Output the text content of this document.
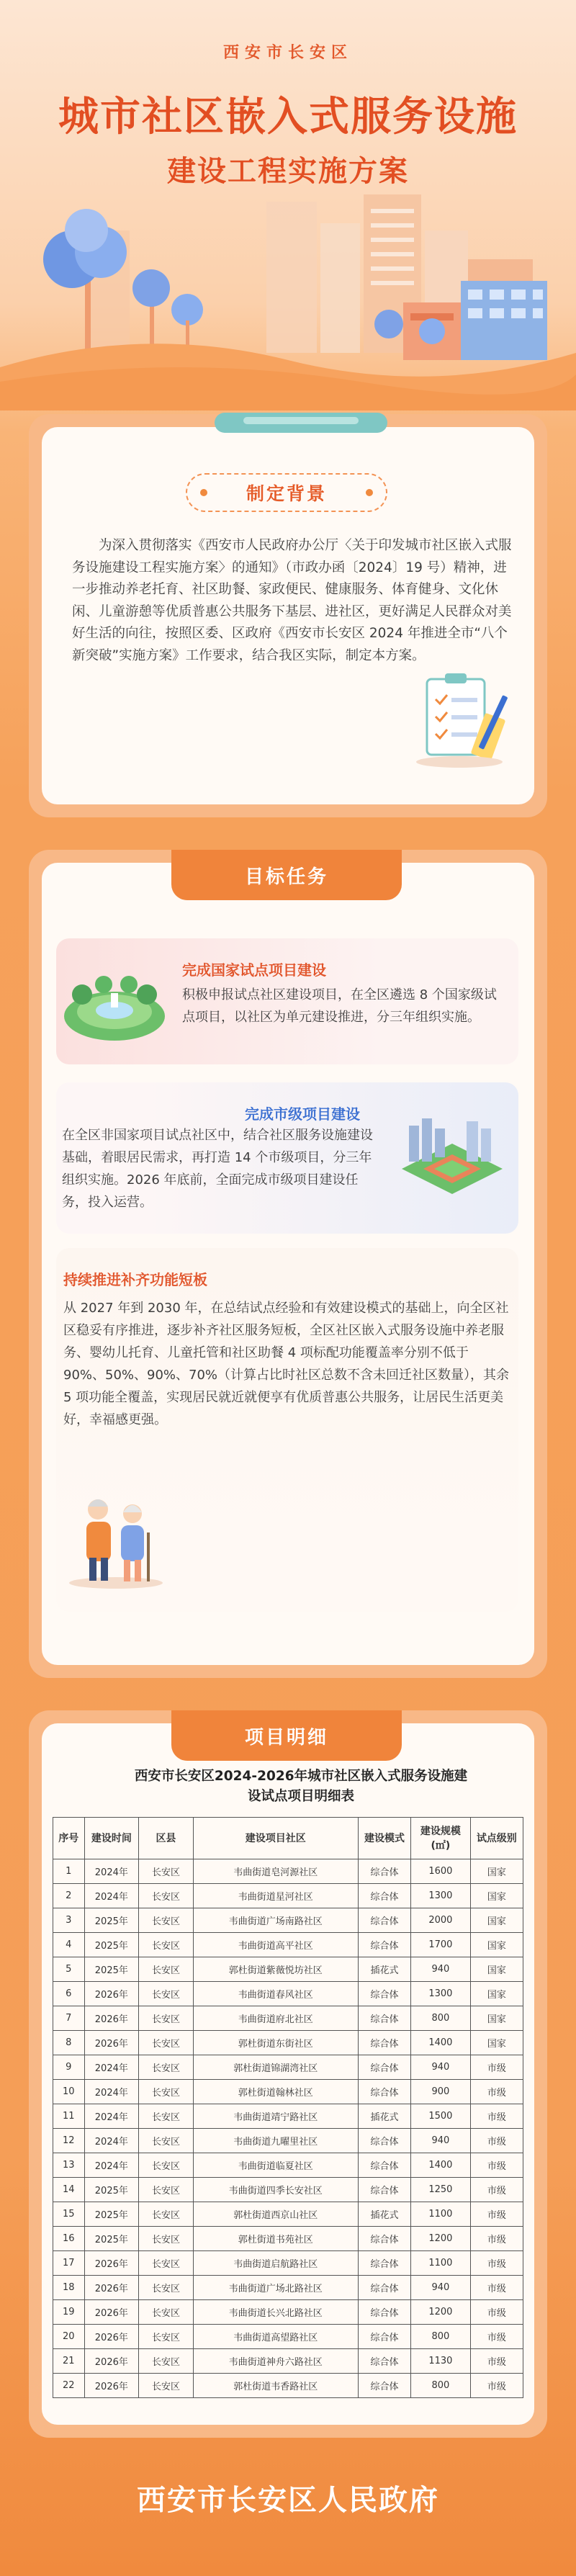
西安市长安区
城市社区嵌入式服务设施
建设工程实施方案
制定背景

为深入贯彻落实《西安市人民政府办公厅〈关于印发城市社区嵌入式服务设施建设工程实施方案〉的通知》（市政办函〔2024〕19 号）精神，进一步推动养老托育、社区助餐、家政便民、健康服务、体育健身、文化休闲、儿童游憩等优质普惠公共服务下基层、进社区，更好满足人民群众对美好生活的向往，按照区委、区政府《西安市长安区 2024 年推进全市“八个新突破”实施方案》工作要求，结合我区实际，制定本方案。

目标任务
完成国家试点项目建设
积极申报试点社区建设项目，在全区遴选 8 个国家级试点项目，以社区为单元建设推进，分三年组织实施。
完成市级项目建设
在全区非国家项目试点社区中，结合社区服务设施建设基础，着眼居民需求，再打造 14 个市级项目，分三年组织实施。2026 年底前，全面完成市级项目建设任务，投入运营。
持续推进补齐功能短板
从 2027 年到 2030 年，在总结试点经验和有效建设模式的基础上，向全区社区稳妥有序推进，逐步补齐社区服务短板，全区社区嵌入式服务设施中养老服务、婴幼儿托育、儿童托管和社区助餐 4 项标配功能覆盖率分别不低于 90%、50%、90%、70%（计算占比时社区总数不含未回迁社区数量），其余 5 项功能全覆盖，实现居民就近就便享有优质普惠公共服务，让居民生活更美好，幸福感更强。
项目明细
西安市长安区2024-2026年城市社区嵌入式服务设施建设试点项目明细表
序号	建设时间	区县	建设项目社区	建设模式	建设规模(㎡)	试点级别
1	2024年	长安区	韦曲街道皂河源社区	综合体	1600	国家
2	2024年	长安区	韦曲街道星河社区	综合体	1300	国家
3	2025年	长安区	韦曲街道广场南路社区	综合体	2000	国家
4	2025年	长安区	韦曲街道高平社区	综合体	1700	国家
5	2025年	长安区	郭杜街道紫薇悦坊社区	插花式	940	国家
6	2026年	长安区	韦曲街道春风社区	综合体	1300	国家
7	2026年	长安区	韦曲街道府北社区	综合体	800	国家
8	2026年	长安区	郭杜街道东街社区	综合体	1400	国家
9	2024年	长安区	郭杜街道锦湖湾社区	综合体	940	市级
10	2024年	长安区	郭杜街道翰林社区	综合体	900	市级
11	2024年	长安区	韦曲街道靖宁路社区	插花式	1500	市级
12	2024年	长安区	韦曲街道九曜里社区	综合体	940	市级
13	2024年	长安区	韦曲街道临夏社区	综合体	1400	市级
14	2025年	长安区	韦曲街道四季长安社区	综合体	1250	市级
15	2025年	长安区	郭杜街道西京山社区	插花式	1100	市级
16	2025年	长安区	郭杜街道书苑社区	综合体	1200	市级
17	2026年	长安区	韦曲街道启航路社区	综合体	1100	市级
18	2026年	长安区	韦曲街道广场北路社区	综合体	940	市级
19	2026年	长安区	韦曲街道长兴北路社区	综合体	1200	市级
20	2026年	长安区	韦曲街道高望路社区	综合体	800	市级
21	2026年	长安区	韦曲街道神舟六路社区	综合体	1130	市级
22	2026年	长安区	郭杜街道韦香路社区	综合体	800	市级
西安市长安区人民政府
